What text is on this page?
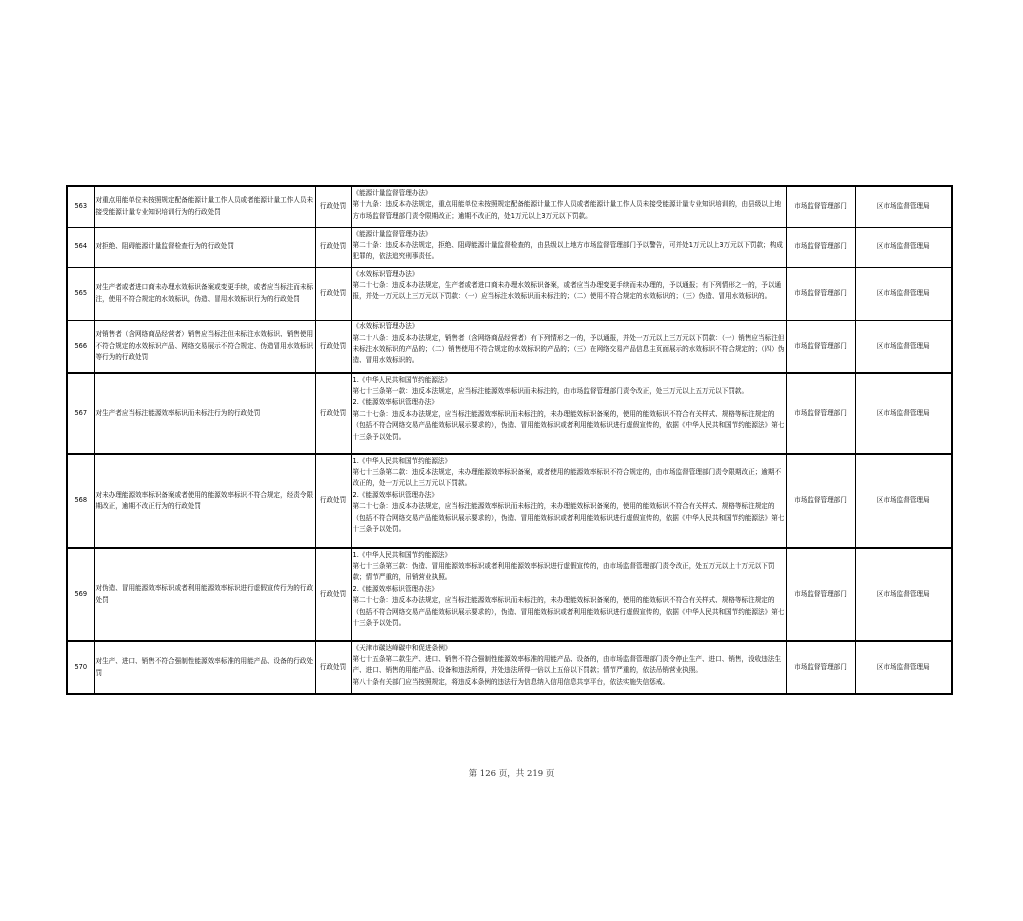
563	对重点用能单位未按照规定配备能源计量工作人员或者能源计量工作人员未接受能源计量专业知识培训行为的行政处罚	行政处罚	《能源计量监督管理办法》

第十九条：违反本办法规定，重点用能单位未按照规定配备能源计量工作人员或者能源计量工作人员未接受能源计量专业知识培训的，由县级以上地方市场监督管理部门责令限期改正；逾期不改正的，处1万元以上3万元以下罚款。	市场监督管理部门	区市场监督管理局
564	对拒绝、阻碍能源计量监督检查行为的行政处罚	行政处罚	《能源计量监督管理办法》

第二十条：违反本办法规定，拒绝、阻碍能源计量监督检查的，由县级以上地方市场监督管理部门予以警告，可并处1万元以上3万元以下罚款；构成犯罪的，依法追究刑事责任。	市场监督管理部门	区市场监督管理局
565	对生产者或者进口商未办理水效标识备案或变更手续，或者应当标注而未标注，使用不符合规定的水效标识，伪造、冒用水效标识行为的行政处罚	行政处罚	《水效标识管理办法》

第二十七条：违反本办法规定，生产者或者进口商未办理水效标识备案，或者应当办理变更手续而未办理的，予以通报；有下列情形之一的，予以通报，并处一万元以上三万元以下罚款：（一）应当标注水效标识而未标注的；（二）使用不符合规定的水效标识的；（三）伪造、冒用水效标识的。	市场监督管理部门	区市场监督管理局
566	对销售者（含网络商品经营者）销售应当标注但未标注水效标识、销售使用不符合规定的水效标识产品、网络交易展示不符合规定、伪造冒用水效标识等行为的行政处罚	行政处罚	《水效标识管理办法》

第二十八条：违反本办法规定，销售者（含网络商品经营者）有下列情形之一的，予以通报，并处一万元以上三万元以下罚款：（一）销售应当标注但未标注水效标识的产品的；（二）销售使用不符合规定的水效标识的产品的；（三）在网络交易产品信息主页面展示的水效标识不符合规定的；（四）伪造、冒用水效标识的。	市场监督管理部门	区市场监督管理局
567	对生产者应当标注能源效率标识而未标注行为的行政处罚	行政处罚	1.《中华人民共和国节约能源法》

第七十三条第一款：违反本法规定，应当标注能源效率标识而未标注的，由市场监督管理部门责令改正，处三万元以上五万元以下罚款。

2.《能源效率标识管理办法》

第二十七条：违反本办法规定，应当标注能源效率标识而未标注的，未办理能效标识备案的，使用的能效标识不符合有关样式、规格等标注规定的（包括不符合网络交易产品能效标识展示要求的），伪造、冒用能效标识或者利用能效标识进行虚假宣传的，依据《中华人民共和国节约能源法》第七十三条予以处罚。	市场监督管理部门	区市场监督管理局
568	对未办理能源效率标识备案或者使用的能源效率标识不符合规定，经责令限期改正，逾期不改正行为的行政处罚	行政处罚	1.《中华人民共和国节约能源法》

第七十三条第二款：违反本法规定，未办理能源效率标识备案，或者使用的能源效率标识不符合规定的，由市场监督管理部门责令限期改正；逾期不改正的，处一万元以上三万元以下罚款。

2.《能源效率标识管理办法》

第二十七条：违反本办法规定，应当标注能源效率标识而未标注的，未办理能效标识备案的，使用的能效标识不符合有关样式、规格等标注规定的（包括不符合网络交易产品能效标识展示要求的），伪造、冒用能效标识或者利用能效标识进行虚假宣传的，依据《中华人民共和国节约能源法》第七十三条予以处罚。	市场监督管理部门	区市场监督管理局
569	对伪造、冒用能源效率标识或者利用能源效率标识进行虚假宣传行为的行政处罚	行政处罚	1.《中华人民共和国节约能源法》

第七十三条第三款：伪造、冒用能源效率标识或者利用能源效率标识进行虚假宣传的，由市场监督管理部门责令改正，处五万元以上十万元以下罚款；情节严重的，吊销营业执照。

2.《能源效率标识管理办法》

第二十七条：违反本办法规定，应当标注能源效率标识而未标注的，未办理能效标识备案的，使用的能效标识不符合有关样式、规格等标注规定的（包括不符合网络交易产品能效标识展示要求的），伪造、冒用能效标识或者利用能效标识进行虚假宣传的，依据《中华人民共和国节约能源法》第七十三条予以处罚。	市场监督管理部门	区市场监督管理局
570	对生产、进口、销售不符合强制性能源效率标准的用能产品、设备的行政处罚	行政处罚	《天津市碳达峰碳中和促进条例》

第七十五条第二款生产、进口、销售不符合强制性能源效率标准的用能产品、设备的，由市场监督管理部门责令停止生产、进口、销售，没收违法生产、进口、销售的用能产品、设备和违法所得，并处违法所得一倍以上五倍以下罚款；情节严重的，依法吊销营业执照。

第八十条有关部门应当按照规定，将违反本条例的违法行为信息纳入信用信息共享平台，依法实施失信惩戒。	市场监督管理部门	区市场监督管理局
第 126 页，共 219 页
